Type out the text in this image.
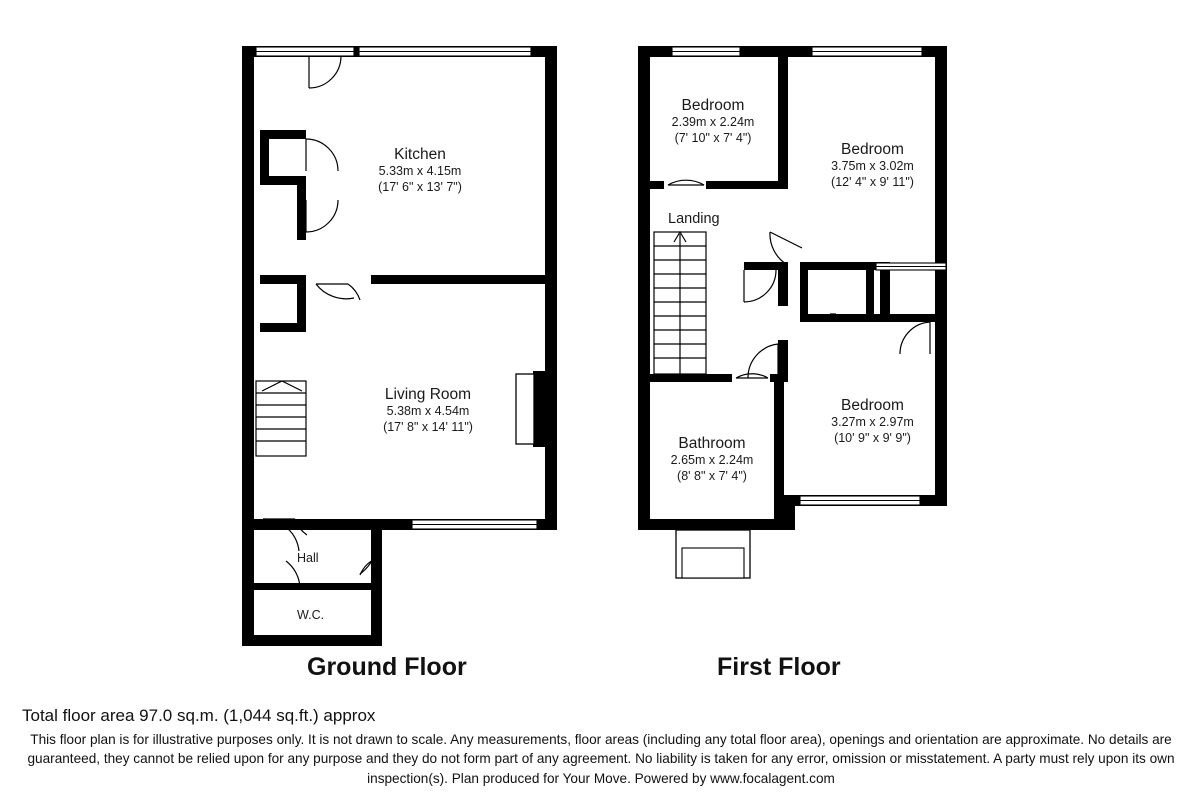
Kitchen
5.33m x 4.15m
(17' 6" x 13' 7")
Living Room
5.38m x 4.54m
(17' 8" x 14' 11")
Hall
W.C.
Ground Floor
Bedroom
2.39m x 2.24m
(7' 10" x 7' 4")
Bedroom
3.75m x 3.02m
(12' 4" x 9' 11")
Bedroom
3.27m x 2.97m
(10' 9" x 9' 9")
Bathroom
2.65m x 2.24m
(8' 8" x 7' 4")
Landing
First Floor
Total floor area 97.0 sq.m. (1,044 sq.ft.) approx
This floor plan is for illustrative purposes only. It is not drawn to scale. Any measurements, floor areas (including any total floor area), openings and orientation are approximate. No details are guaranteed, they cannot be relied upon for any purpose and they do not form part of any agreement. No liability is taken for any error, omission or misstatement. A party must rely upon its own inspection(s). Plan produced for Your Move. Powered by www.focalagent.com
